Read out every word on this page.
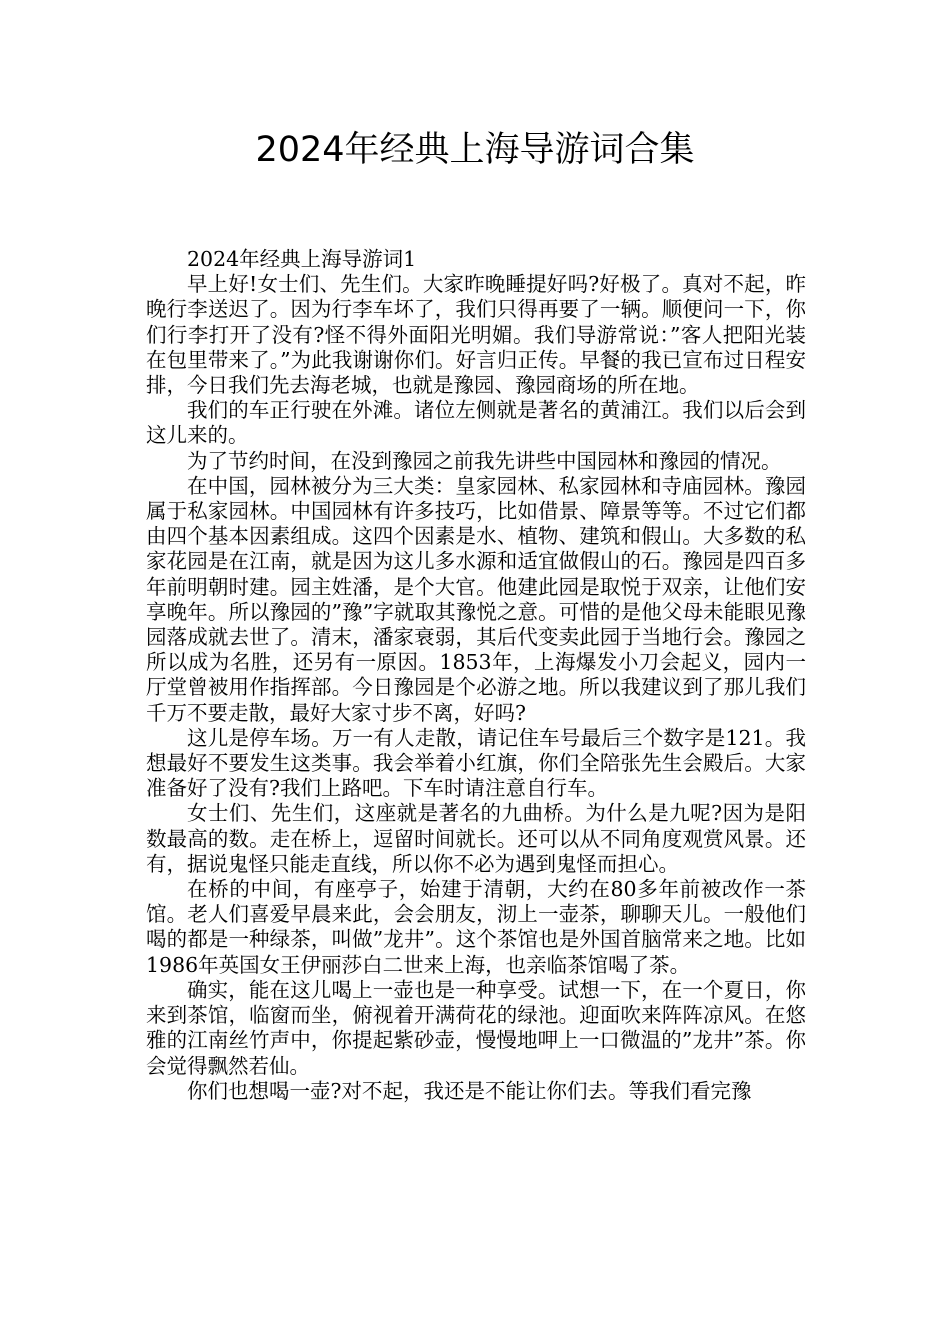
2024年经典上海导游词合集

2024年经典上海导游词1

早上好!女士们、先生们。大家昨晚睡提好吗?好极了。真对不起，昨晚行李送迟了。因为行李车坏了，我们只得再要了一辆。顺便问一下，你们行李打开了没有?怪不得外面阳光明媚。我们导游常说：”客人把阳光装在包里带来了。”为此我谢谢你们。好言归正传。早餐的我已宣布过日程安排，今日我们先去海老城，也就是豫园、豫园商场的所在地。

我们的车正行驶在外滩。诸位左侧就是著名的黄浦江。我们以后会到这儿来的。

为了节约时间，在没到豫园之前我先讲些中国园林和豫园的情况。

在中国，园林被分为三大类：皇家园林、私家园林和寺庙园林。豫园属于私家园林。中国园林有许多技巧，比如借景、障景等等。不过它们都由四个基本因素组成。这四个因素是水、植物、建筑和假山。大多数的私家花园是在江南，就是因为这儿多水源和适宜做假山的石。豫园是四百多年前明朝时建。园主姓潘，是个大官。他建此园是取悦于双亲，让他们安享晚年。所以豫园的”豫”字就取其豫悦之意。可惜的是他父母未能眼见豫园落成就去世了。清末，潘家衰弱，其后代变卖此园于当地行会。豫园之所以成为名胜，还另有一原因。1853年，上海爆发小刀会起义，园内一厅堂曾被用作指挥部。今日豫园是个必游之地。所以我建议到了那儿我们千万不要走散，最好大家寸步不离，好吗?

这儿是停车场。万一有人走散，请记住车号最后三个数字是121。我想最好不要发生这类事。我会举着小红旗，你们全陪张先生会殿后。大家准备好了没有?我们上路吧。下车时请注意自行车。

女士们、先生们，这座就是著名的九曲桥。为什么是九呢?因为是阳数最高的数。走在桥上，逗留时间就长。还可以从不同角度观赏风景。还有，据说鬼怪只能走直线，所以你不必为遇到鬼怪而担心。

在桥的中间，有座亭子，始建于清朝，大约在80多年前被改作一茶馆。老人们喜爱早晨来此，会会朋友，沏上一壶茶，聊聊天儿。一般他们喝的都是一种绿茶，叫做”龙井”。这个茶馆也是外国首脑常来之地。比如1986年英国女王伊丽莎白二世来上海，也亲临茶馆喝了茶。

确实，能在这儿喝上一壶也是一种享受。试想一下，在一个夏日，你来到茶馆，临窗而坐，俯视着开满荷花的绿池。迎面吹来阵阵凉风。在悠雅的江南丝竹声中，你提起紫砂壶，慢慢地呷上一口微温的”龙井”茶。你会觉得飘然若仙。

你们也想喝一壶?对不起，我还是不能让你们去。等我们看完豫
